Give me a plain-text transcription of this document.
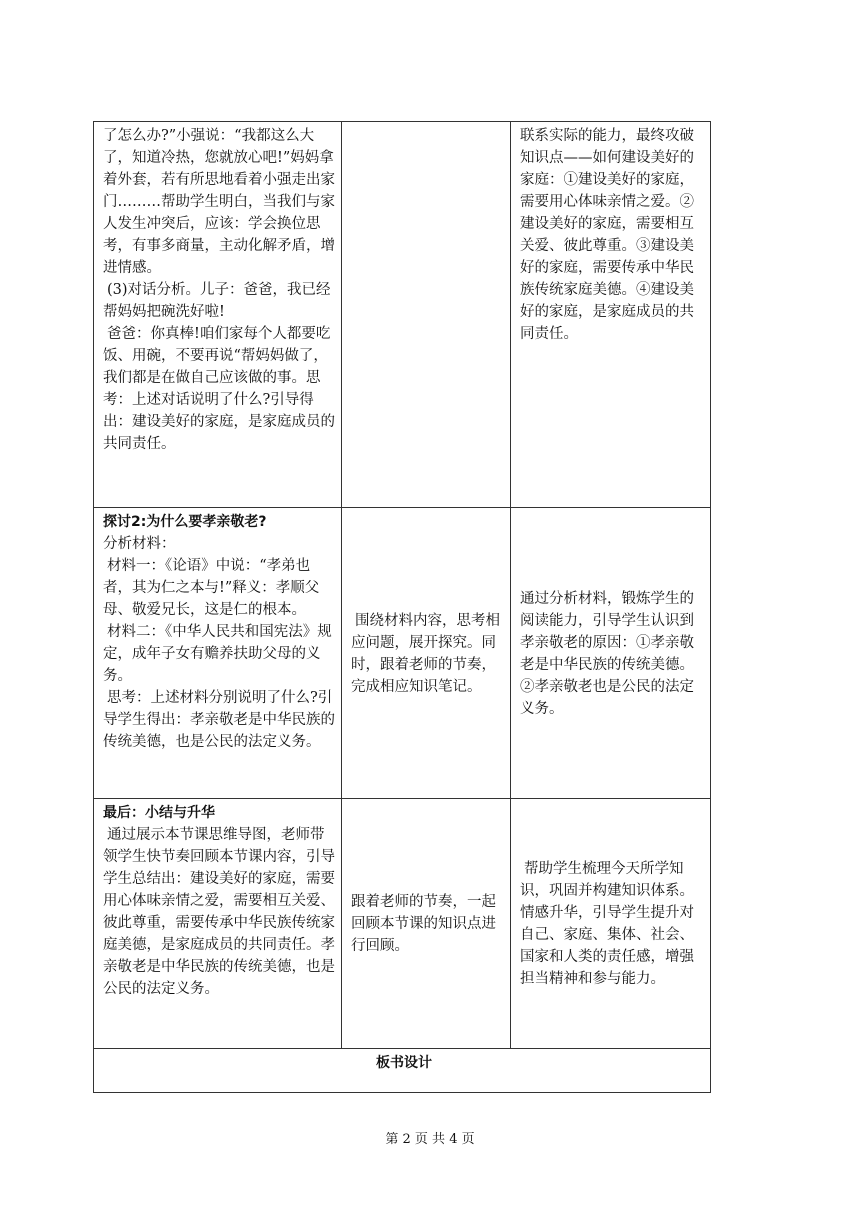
了怎么办?”小强说：“我都这么大了，知道冷热，您就放心吧!”妈妈拿着外套，若有所思地看着小强走出家门………帮助学生明白，当我们与家人发生冲突后，应该：学会换位思考，有事多商量，主动化解矛盾，增进情感。

(3)对话分析。儿子：爸爸，我已经帮妈妈把碗洗好啦!

爸爸：你真棒!咱们家每个人都要吃饭、用碗，不要再说“帮妈妈做了，我们都是在做自己应该做的事。思考：上述对话说明了什么?引导得出：建设美好的家庭，是家庭成员的共同责任。		联系实际的能力，最终攻破知识点——如何建设美好的家庭：①建设美好的家庭，需要用心体味亲情之爱。②建设美好的家庭，需要相互关爱、彼此尊重。③建设美好的家庭，需要传承中华民族传统家庭美德。④建设美好的家庭，是家庭成员的共同责任。

探讨2:为什么要孝亲敬老?

分析材料：

材料一：《论语》中说：“孝弟也者，其为仁之本与!”释义：孝顺父母、敬爱兄长，这是仁的根本。

材料二：《中华人民共和国宪法》规定，成年子女有赡养扶助父母的义务。

思考：上述材料分别说明了什么?引导学生得出：孝亲敬老是中华民族的传统美德，也是公民的法定义务。	围绕材料内容，思考相应问题，展开探究。同时，跟着老师的节奏，完成相应知识笔记。	通过分析材料，锻炼学生的阅读能力，引导学生认识到孝亲敬老的原因：①孝亲敬老是中华民族的传统美德。②孝亲敬老也是公民的法定义务。

最后：小结与升华

通过展示本节课思维导图，老师带领学生快节奏回顾本节课内容，引导学生总结出：建设美好的家庭，需要用心体味亲情之爱，需要相互关爱、彼此尊重，需要传承中华民族传统家庭美德，是家庭成员的共同责任。孝亲敬老是中华民族的传统美德，也是公民的法定义务。	跟着老师的节奏，一起回顾本节课的知识点进行回顾。	帮助学生梳理今天所学知识，巩固并构建知识体系。情感升华，引导学生提升对自己、家庭、集体、社会、国家和人类的责任感，增强担当精神和参与能力。

板书设计		
第 2 页 共 4 页
